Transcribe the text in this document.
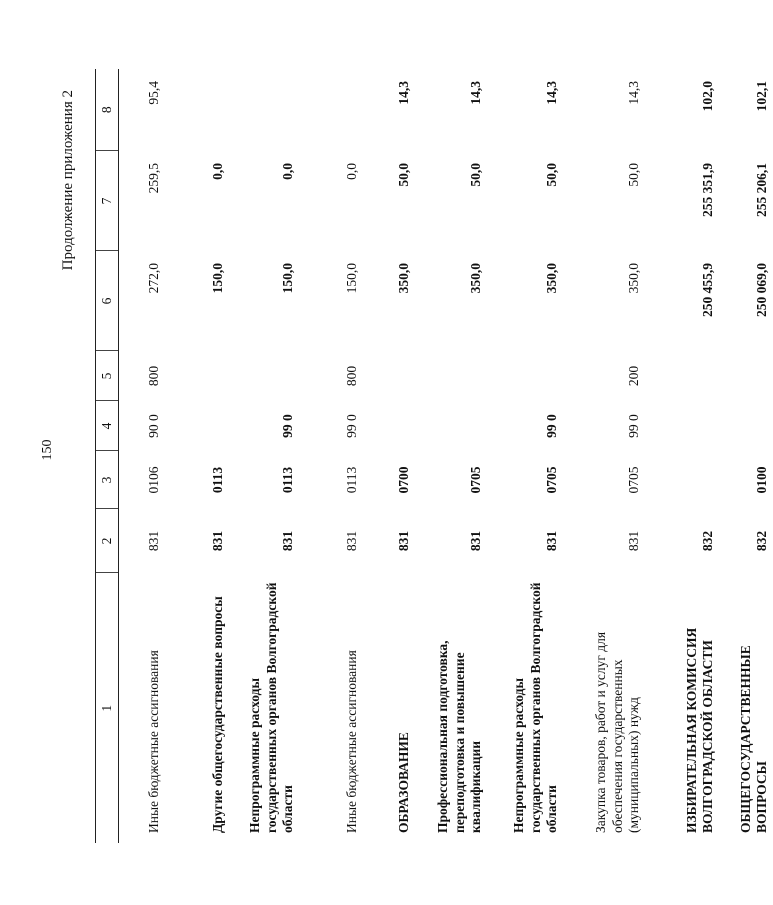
150
Продолжение приложения 2
1	2	3	4	5	6	7	8
Иные бюджетные ассигнования	831	0106	90 0	800	272,0	259,5	95,4
Другие общегосударственные вопросы	831	0113			150,0	0,0	
Непрограммные расходы государственных органов Волгоградской области	831	0113	99 0		150,0	0,0	
Иные бюджетные ассигнования	831	0113	99 0	800	150,0	0,0	
ОБРАЗОВАНИЕ	831	0700			350,0	50,0	14,3
Профессиональная подготовка, переподготовка и повышение квалификации	831	0705			350,0	50,0	14,3
Непрограммные расходы государственных органов Волгоградской области	831	0705	99 0		350,0	50,0	14,3
Закупка товаров, работ и услуг для обеспечения государственных (муниципальных) нужд	831	0705	99 0	200	350,0	50,0	14,3
ИЗБИРАТЕЛЬНАЯ КОМИССИЯ ВОЛГОГРАДСКОЙ ОБЛАСТИ	832				250 455,9	255 351,9	102,0
ОБЩЕГОСУДАРСТВЕННЫЕ ВОПРОСЫ	832	0100			250 069,0	255 206,1	102,1
